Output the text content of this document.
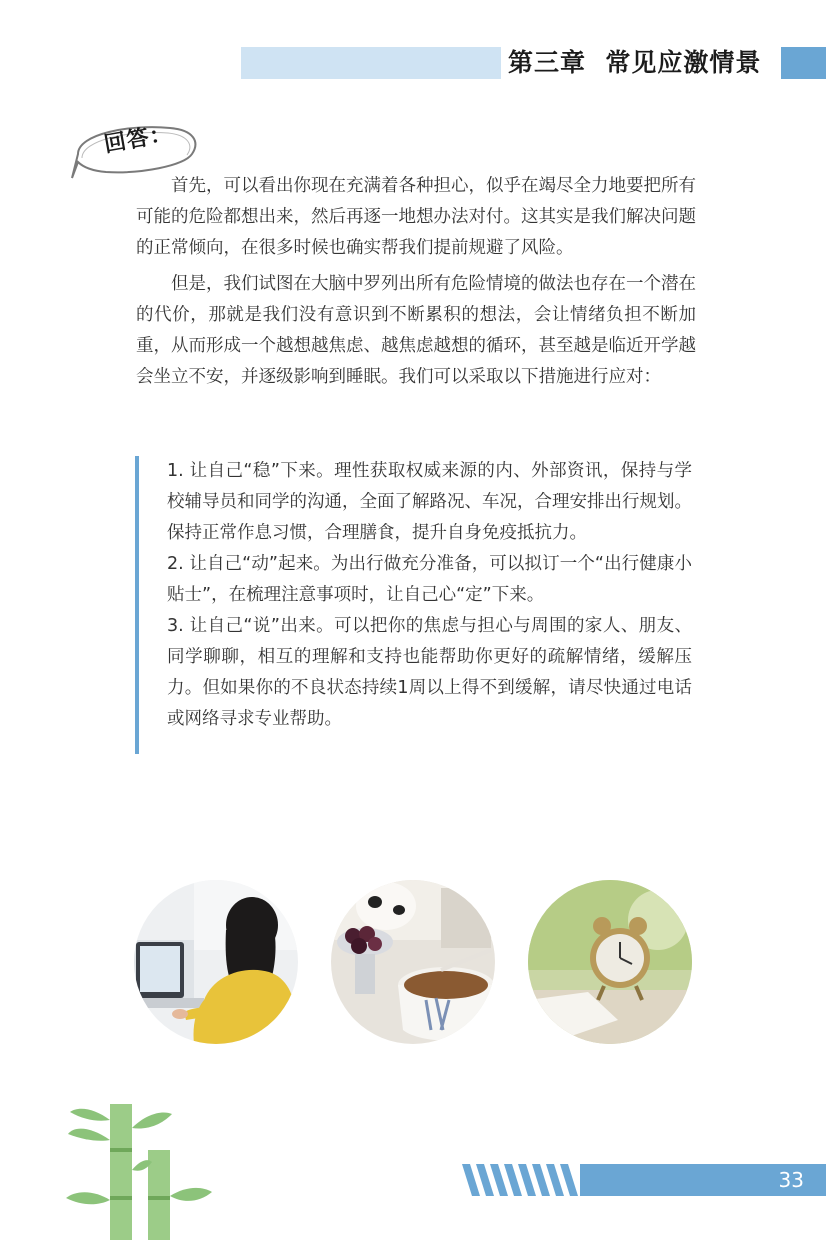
第三章  常见应激情景
回答：

首先，可以看出你现在充满着各种担心，似乎在竭尽全力地要把所有可能的危险都想出来，然后再逐一地想办法对付。这其实是我们解决问题的正常倾向，在很多时候也确实帮我们提前规避了风险。

但是，我们试图在大脑中罗列出所有危险情境的做法也存在一个潜在的代价，那就是我们没有意识到不断累积的想法，会让情绪负担不断加重，从而形成一个越想越焦虑、越焦虑越想的循环，甚至越是临近开学越会坐立不安，并逐级影响到睡眠。我们可以采取以下措施进行应对：

1. 让自己“稳”下来。理性获取权威来源的内、外部资讯，保持与学校辅导员和同学的沟通，全面了解路况、车况，合理安排出行规划。保持正常作息习惯，合理膳食，提升自身免疫抵抗力。
2. 让自己“动”起来。为出行做充分准备，可以拟订一个“出行健康小贴士”，在梳理注意事项时，让自己心“定”下来。
3. 让自己“说”出来。可以把你的焦虑与担心与周围的家人、朋友、同学聊聊，相互的理解和支持也能帮助你更好的疏解情绪，缓解压力。但如果你的不良状态持续1周以上得不到缓解，请尽快通过电话或网络寻求专业帮助。
33
